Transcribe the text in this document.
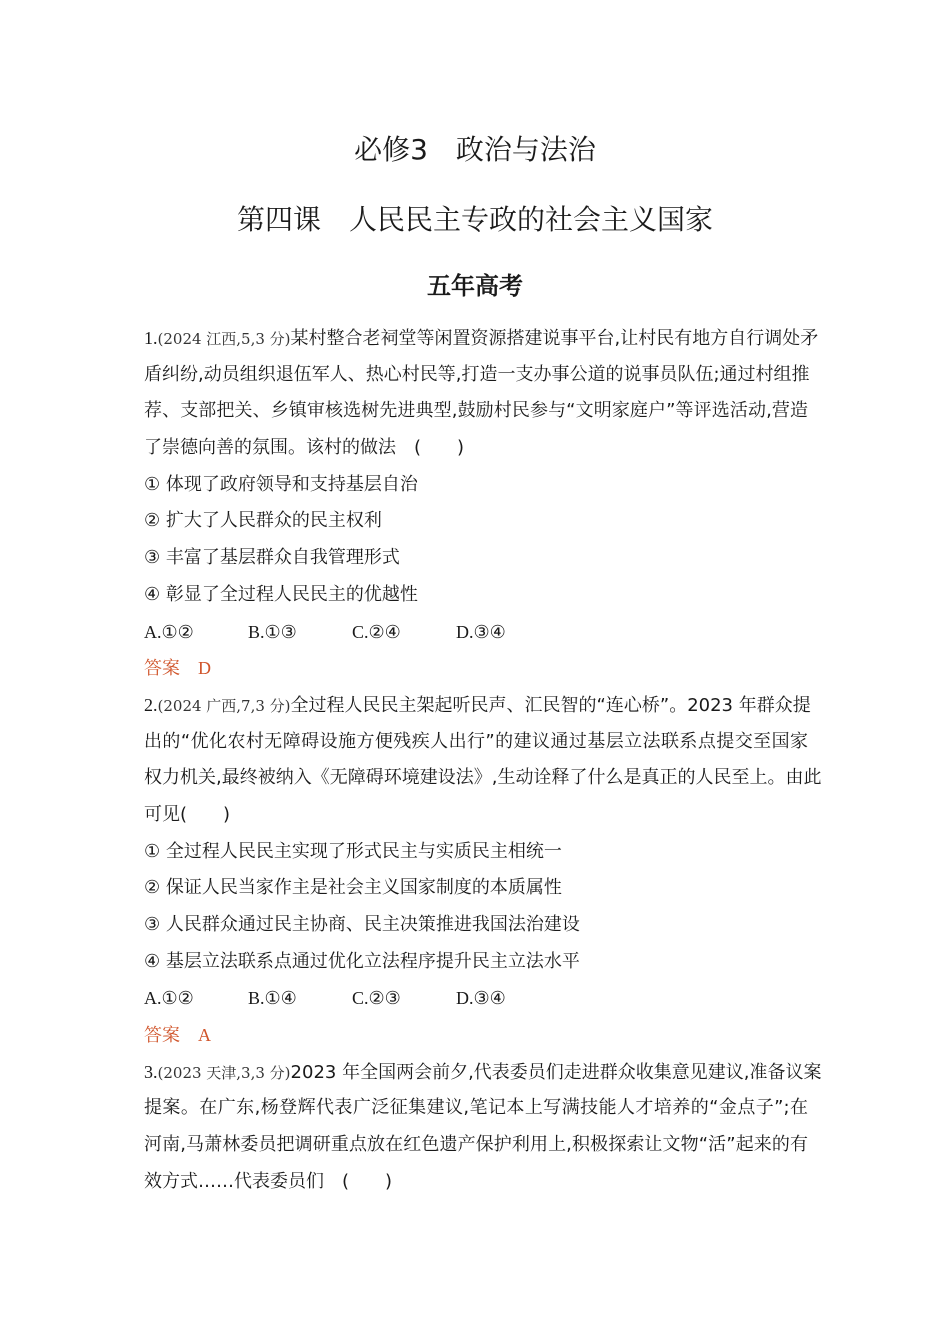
必修3　政治与法治
第四课　人民民主专政的社会主义国家
五年高考
1.(2024 江西,5,3 分)某村整合老祠堂等闲置资源搭建说事平台,让村民有地方自行调处矛
盾纠纷,动员组织退伍军人、热心村民等,打造一支办事公道的说事员队伍;通过村组推
荐、支部把关、乡镇审核选树先进典型,鼓励村民参与“文明家庭户”等评选活动,营造
了崇德向善的氛围。该村的做法　(　　)
① 体现了政府领导和支持基层自治
② 扩大了人民群众的民主权利
③ 丰富了基层群众自我管理形式
④ 彰显了全过程人民民主的优越性
A.①②	B.①③	C.②④	D.③④
答案 D
2.(2024 广西,7,3 分)全过程人民民主架起听民声、汇民智的“连心桥”。2023 年群众提
出的“优化农村无障碍设施方便残疾人出行”的建议通过基层立法联系点提交至国家
权力机关,最终被纳入《无障碍环境建设法》,生动诠释了什么是真正的人民至上。由此
可见(　　)
① 全过程人民民主实现了形式民主与实质民主相统一
② 保证人民当家作主是社会主义国家制度的本质属性
③ 人民群众通过民主协商、民主决策推进我国法治建设
④ 基层立法联系点通过优化立法程序提升民主立法水平
A.①②	B.①④	C.②③	D.③④
答案 A
3.(2023 天津,3,3 分)2023 年全国两会前夕,代表委员们走进群众收集意见建议,准备议案
提案。在广东,杨登辉代表广泛征集建议,笔记本上写满技能人才培养的“金点子”;在
河南,马萧林委员把调研重点放在红色遗产保护利用上,积极探索让文物“活”起来的有
效方式……代表委员们　(　　)
